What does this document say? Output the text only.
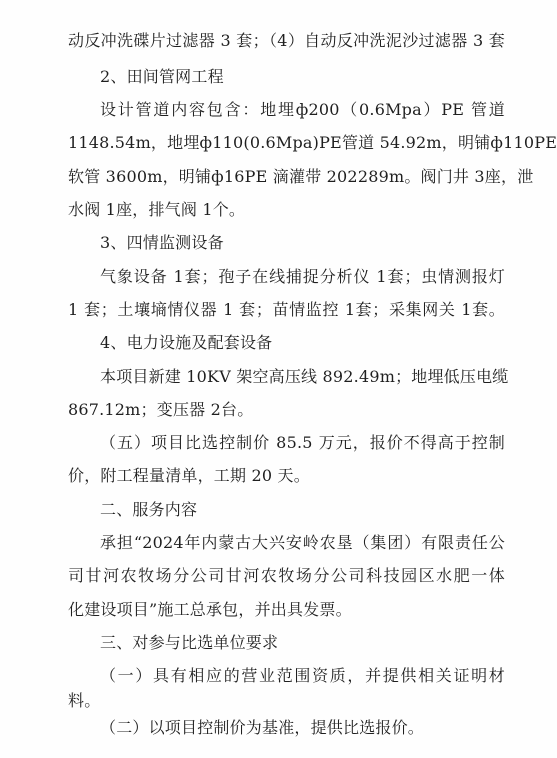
动反冲洗碟片过滤器 3 套；（4）自动反冲洗泥沙过滤器 3 套
2、田间管网工程
设计管道内容包含：地埋ф200（0.6Mpa）PE 管道
1148.54m，地埋ф110(0.6Mpa)PE管道 54.92m，明铺ф110PE
软管 3600m，明铺ф16PE 滴灌带 202289m。阀门井 3座，泄
水阀 1座，排气阀 1个。
3、四情监测设备
气象设备 1套；孢子在线捕捉分析仪 1套；虫情测报灯
1 套；土壤墒情仪器 1 套；苗情监控 1套；采集网关 1套。
4、电力设施及配套设备
本项目新建 10KV 架空高压线 892.49m；地埋低压电缆
867.12m；变压器 2台。
（五）项目比选控制价 85.5 万元，报价不得高于控制
价，附工程量清单，工期 20 天。
二、服务内容
承担“2024年内蒙古大兴安岭农垦（集团）有限责任公
司甘河农牧场分公司甘河农牧场分公司科技园区水肥一体
化建设项目”施工总承包，并出具发票。
三、对参与比选单位要求
（一）具有相应的营业范围资质，并提供相关证明材
料。
（二）以项目控制价为基准，提供比选报价。
